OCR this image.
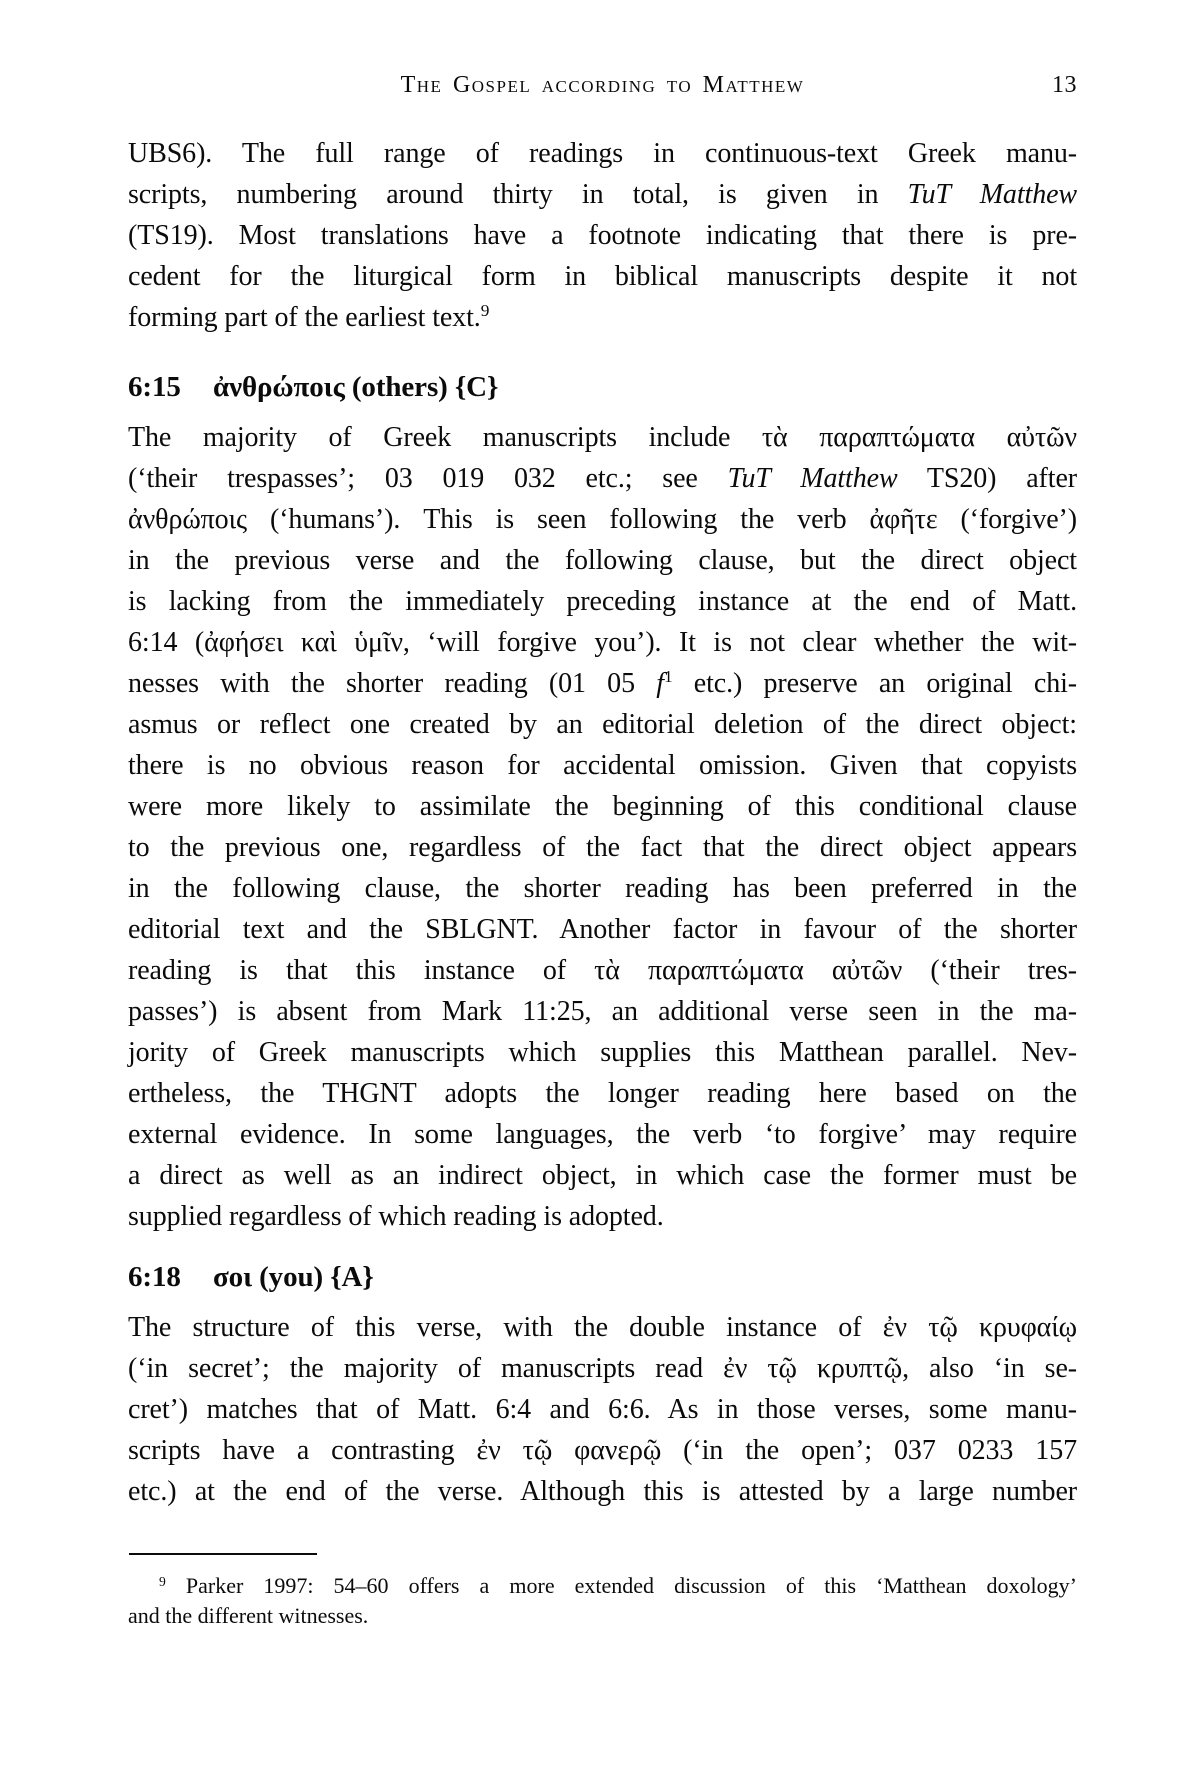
The Gospel according to Matthew	13
UBS6). The full range of readings in continuous-text Greek manu-
scripts, numbering around thirty in total, is given in TuT Matthew
(TS19). Most translations have a footnote indicating that there is pre-
cedent for the liturgical form in biblical manuscripts despite it not
forming part of the earliest text.$^9$
6:15	ἀνθρώποις (others) {C}
The majority of Greek manuscripts include τὰ παραπτώματα αὐτῶν
(‘their trespasses’; 03 019 032 etc.; see TuT Matthew TS20) after
ἀνθρώποις (‘humans’). This is seen following the verb ἀφῆτε (‘forgive’)
in the previous verse and the following clause, but the direct object
is lacking from the immediately preceding instance at the end of Matt.
6:14 (ἀφήσει καὶ ὑμῖν, ‘will forgive you’). It is not clear whether the wit-
nesses with the shorter reading (01 05 $f^1$ etc.) preserve an original chi-
asmus or reflect one created by an editorial deletion of the direct object:
there is no obvious reason for accidental omission. Given that copyists
were more likely to assimilate the beginning of this conditional clause
to the previous one, regardless of the fact that the direct object appears
in the following clause, the shorter reading has been preferred in the
editorial text and the SBLGNT. Another factor in favour of the shorter
reading is that this instance of τὰ παραπτώματα αὐτῶν (‘their tres-
passes’) is absent from Mark 11:25, an additional verse seen in the ma-
jority of Greek manuscripts which supplies this Matthean parallel. Nev-
ertheless, the THGNT adopts the longer reading here based on the
external evidence. In some languages, the verb ‘to forgive’ may require
a direct as well as an indirect object, in which case the former must be
supplied regardless of which reading is adopted.
6:18	σοι (you) {A}
The structure of this verse, with the double instance of ἐν τῷ κρυφαίῳ
(‘in secret’; the majority of manuscripts read ἐν τῷ κρυπτῷ, also ‘in se-
cret’) matches that of Matt. 6:4 and 6:6. As in those verses, some manu-
scripts have a contrasting ἐν τῷ φανερῷ (‘in the open’; 037 0233 157
etc.) at the end of the verse. Although this is attested by a large number
$^9$ Parker 1997: 54–60 offers a more extended discussion of this ‘Matthean doxology’
and the different witnesses.
